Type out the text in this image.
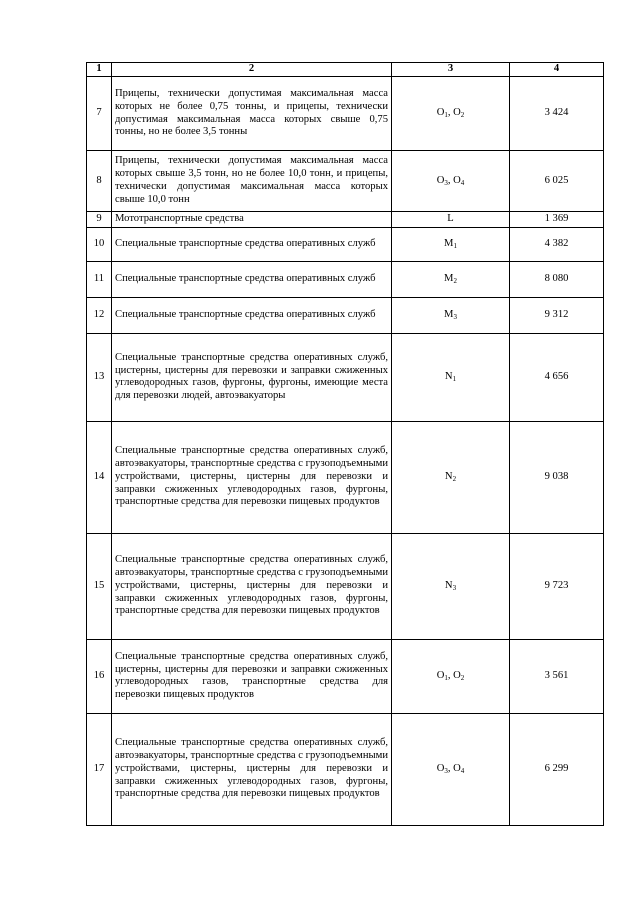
1	2	3	4
7	Прицепы, технически допустимая максимальная масса которых не более 0,75 тонны, и прицепы, технически допустимая максимальная масса которых свыше 0,75 тонны, но не более 3,5 тонны	$O_1$, $O_2$	3 424
8	Прицепы, технически допустимая максимальная масса которых свыше 3,5 тонн, но не более 10,0 тонн, и прицепы, технически допустимая максимальная масса которых свыше 10,0 тонн	$O_3$, $O_4$	6 025
9	Мототранспортные средства	L	1 369
10	Специальные транспортные средства оперативных служб	$M_1$	4 382
11	Специальные транспортные средства оперативных служб	$M_2$	8 080
12	Специальные транспортные средства оперативных служб	$M_3$	9 312
13	Специальные транспортные средства оперативных служб, цистерны, цистерны для перевозки и заправки сжиженных углеводородных газов, фургоны, фургоны, имеющие места для перевозки людей, автоэвакуаторы	$N_1$	4 656
14	Специальные транспортные средства оперативных служб, автоэвакуаторы, транспортные средства с грузоподъемными устройствами, цистерны, цистерны для перевозки и заправки сжиженных углеводородных газов, фургоны, транспортные средства для перевозки пищевых продуктов	$N_2$	9 038
15	Специальные транспортные средства оперативных служб, автоэвакуаторы, транспортные средства с грузоподъемными устройствами, цистерны, цистерны для перевозки и заправки сжиженных углеводородных газов, фургоны, транспортные средства для перевозки пищевых продуктов	$N_3$	9 723
16	Специальные транспортные средства оперативных служб, цистерны, цистерны для перевозки и заправки сжиженных углеводородных газов, транспортные средства для перевозки пищевых продуктов	$O_1$, $O_2$	3 561
17	Специальные транспортные средства оперативных служб, автоэвакуаторы, транспортные средства с грузоподъемными устройствами, цистерны, цистерны для перевозки и заправки сжиженных углеводородных газов, фургоны, транспортные средства для перевозки пищевых продуктов	$O_3$, $O_4$	6 299
